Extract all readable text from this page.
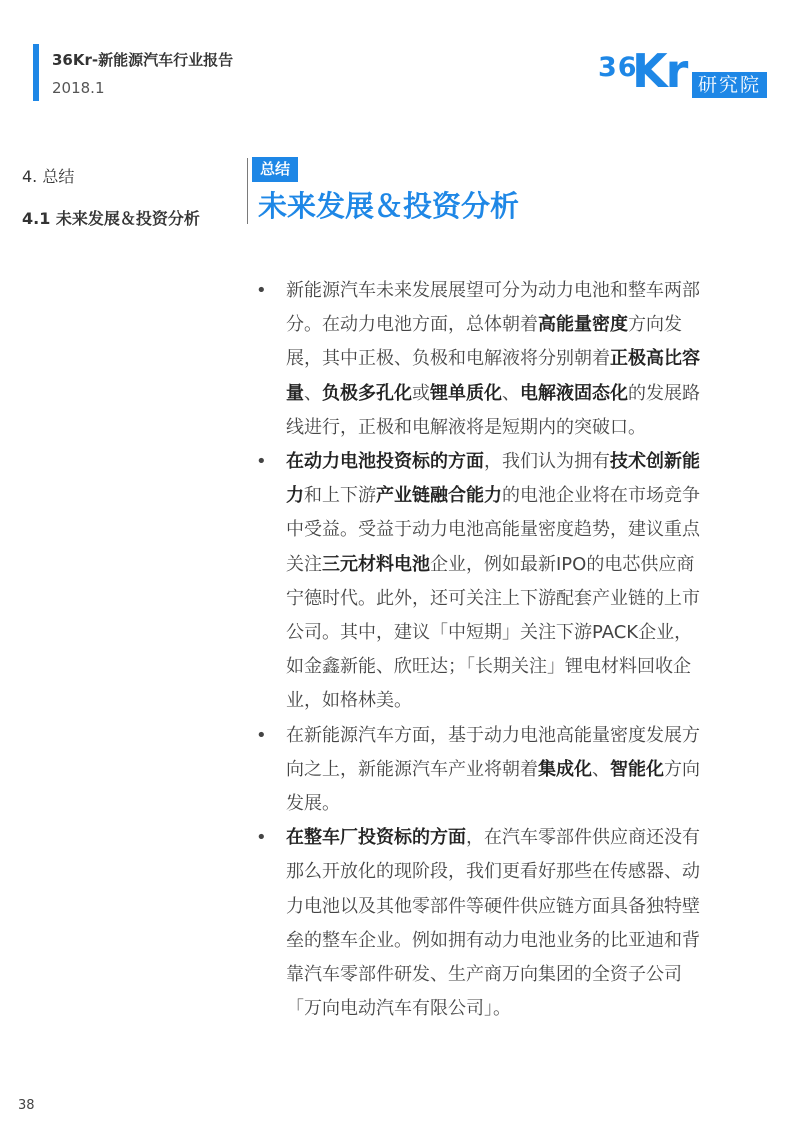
36Kr-新能源汽车行业报告
2018.1
36
Kr 研究院
4. 总结
4.1 未来发展＆投资分析
总结
未来发展＆投资分析
•	新能源汽车未来发展展望可分为动力电池和整车两部分。在动力电池方面，总体朝着高能量密度方向发展，其中正极、负极和电解液将分别朝着正极高比容量、负极多孔化或锂单质化、电解液固态化的发展路线进行，正极和电解液将是短期内的突破口。
•	在动力电池投资标的方面，我们认为拥有技术创新能力和上下游产业链融合能力的电池企业将在市场竞争中受益。受益于动力电池高能量密度趋势，建议重点关注三元材料电池企业，例如最新IPO的电芯供应商宁德时代。此外，还可关注上下游配套产业链的上市公司。其中，建议「中短期」关注下游PACK企业，如金鑫新能、欣旺达；「长期关注」锂电材料回收企业，如格林美。
•	在新能源汽车方面，基于动力电池高能量密度发展方向之上，新能源汽车产业将朝着集成化、智能化方向发展。
•	在整车厂投资标的方面，在汽车零部件供应商还没有那么开放化的现阶段，我们更看好那些在传感器、动力电池以及其他零部件等硬件供应链方面具备独特壁垒的整车企业。例如拥有动力电池业务的比亚迪和背靠汽车零部件研发、生产商万向集团的全资子公司「万向电动汽车有限公司」。
38
